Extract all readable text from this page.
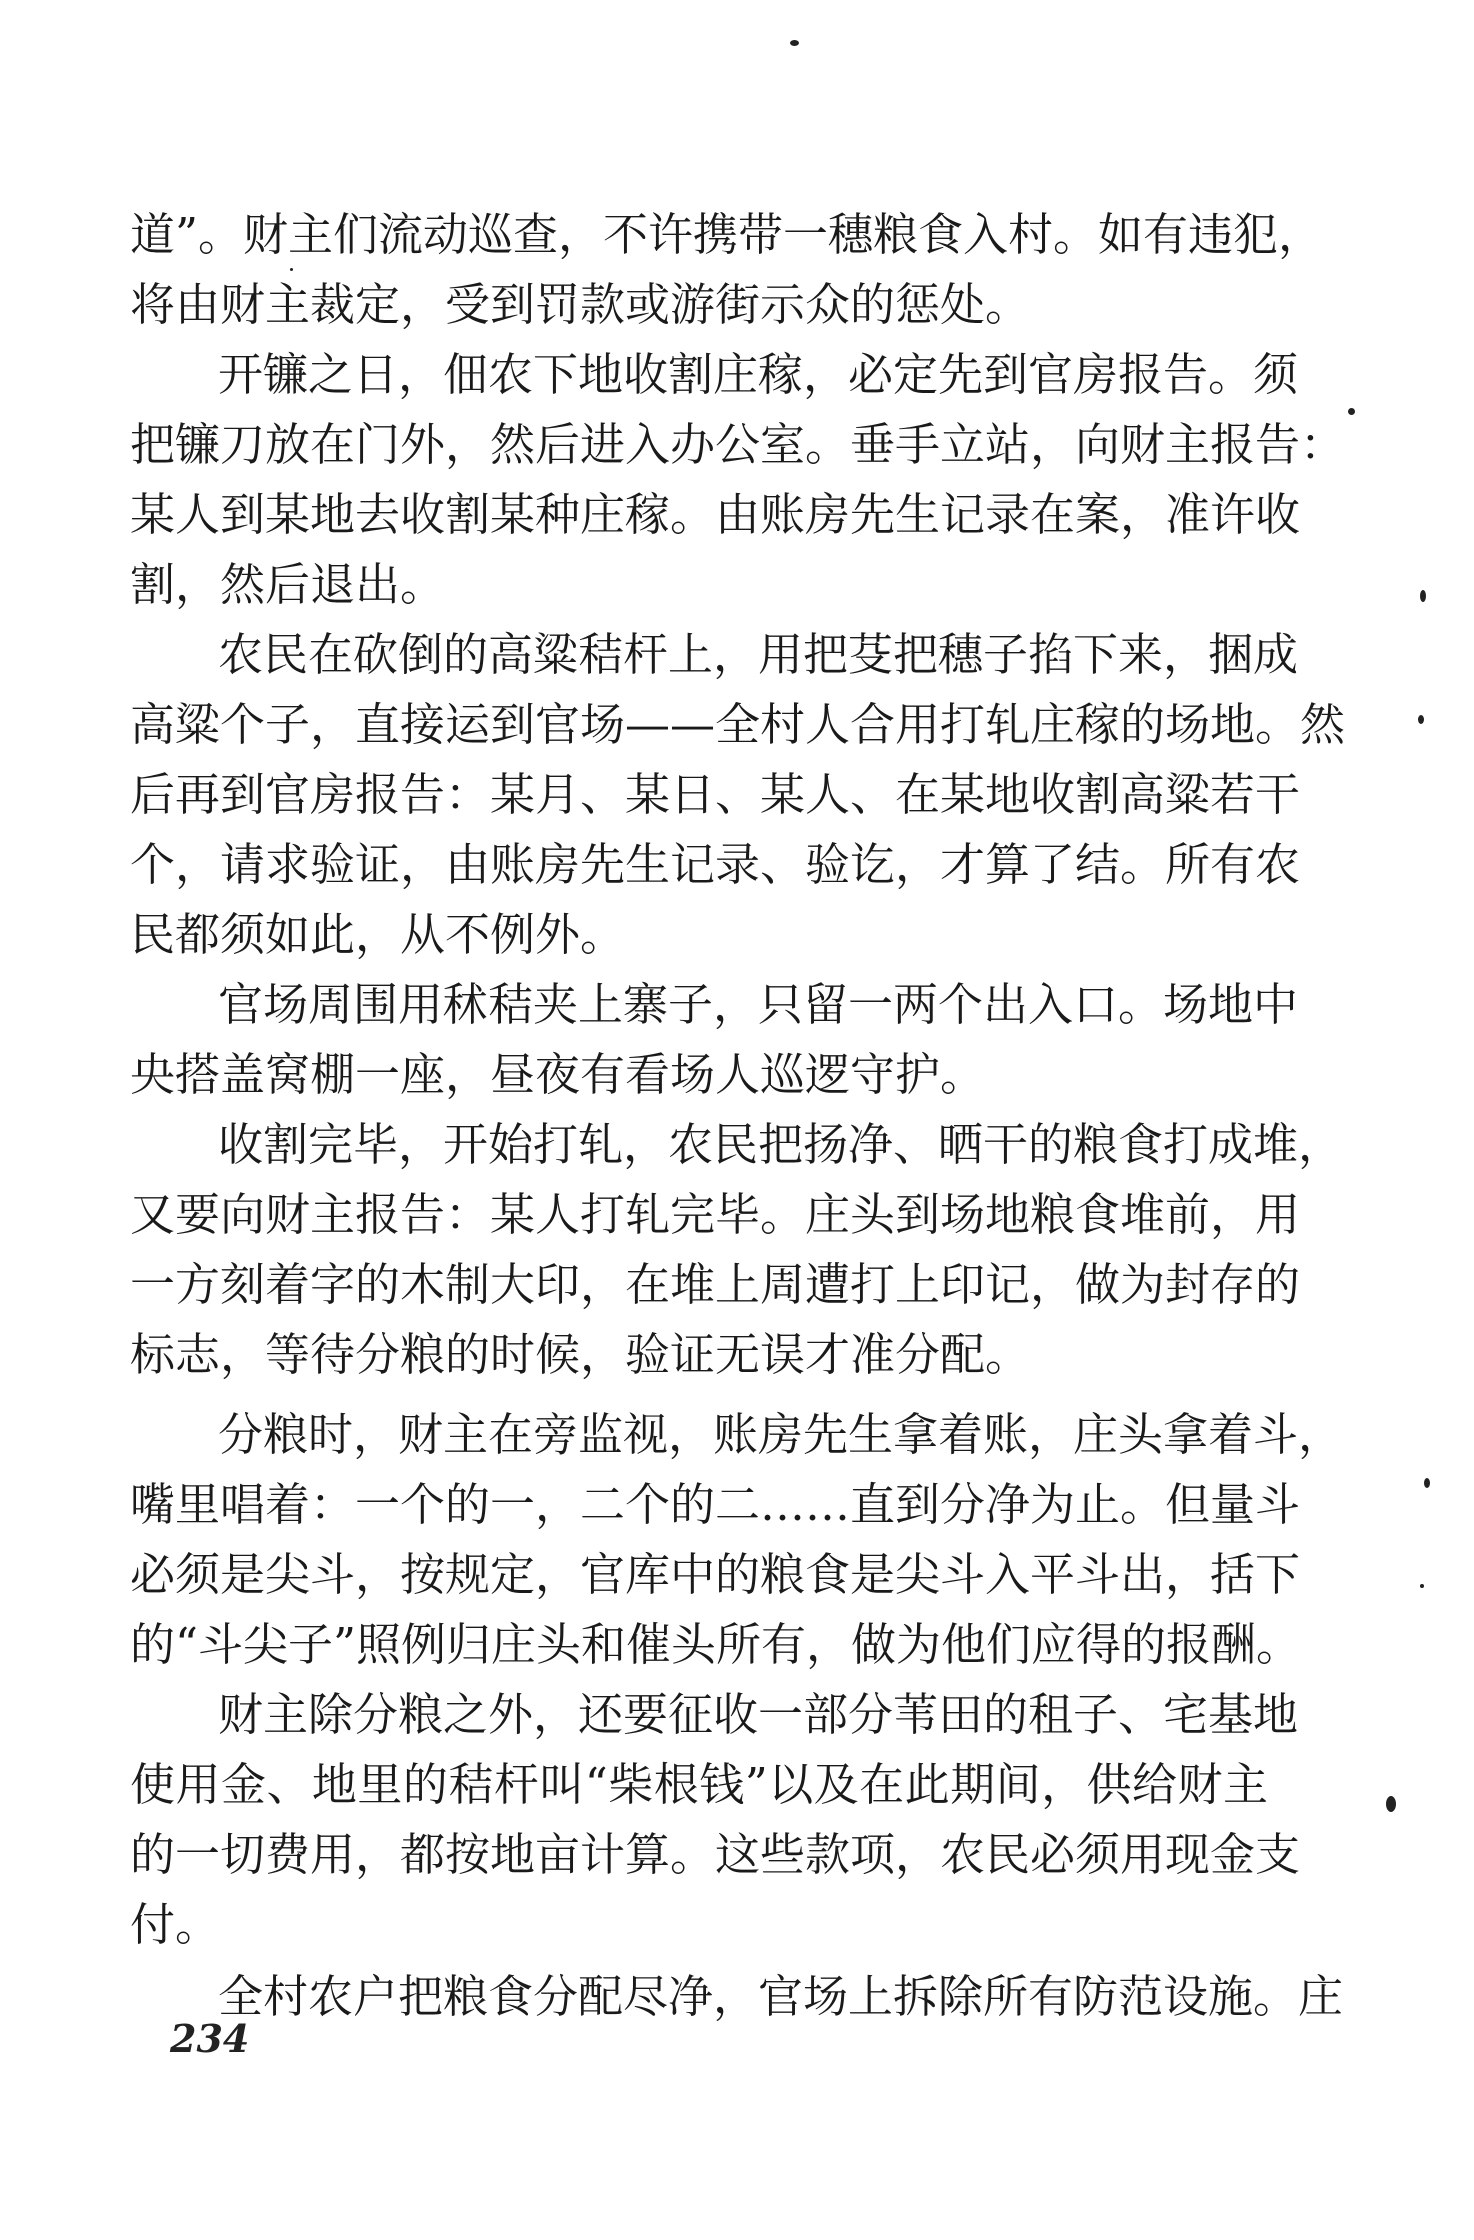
道”。财主们流动巡查，不许携带一穗粮食入村。如有违犯，
将由财主裁定，受到罚款或游街示众的惩处。
开镰之日，佃农下地收割庄稼，必定先到官房报告。须
把镰刀放在门外，然后进入办公室。垂手立站，向财主报告：
某人到某地去收割某种庄稼。由账房先生记录在案，准许收
割，然后退出。
农民在砍倒的高粱秸杆上，用把芟把穗子掐下来，捆成
高粱个子，直接运到官场——全村人合用打轧庄稼的场地。然
后再到官房报告：某月、某日、某人、在某地收割高粱若干
个，请求验证，由账房先生记录、验讫，才算了结。所有农
民都须如此，从不例外。
官场周围用秫秸夹上寨子，只留一两个出入口。场地中
央搭盖窝棚一座，昼夜有看场人巡逻守护。
收割完毕，开始打轧，农民把扬净、晒干的粮食打成堆，
又要向财主报告：某人打轧完毕。庄头到场地粮食堆前，用
一方刻着字的木制大印，在堆上周遭打上印记，做为封存的
标志，等待分粮的时候，验证无误才准分配。
分粮时，财主在旁监视，账房先生拿着账，庄头拿着斗，
嘴里唱着：一个的一，二个的二……直到分净为止。但量斗
必须是尖斗，按规定，官库中的粮食是尖斗入平斗出，括下
的“斗尖子”照例归庄头和催头所有，做为他们应得的报酬。
财主除分粮之外，还要征收一部分苇田的租子、宅基地
使用金、地里的秸杆叫“柴根钱”以及在此期间，供给财主
的一切费用，都按地亩计算。这些款项，农民必须用现金支
付。
全村农户把粮食分配尽净，官场上拆除所有防范设施。庄
234
